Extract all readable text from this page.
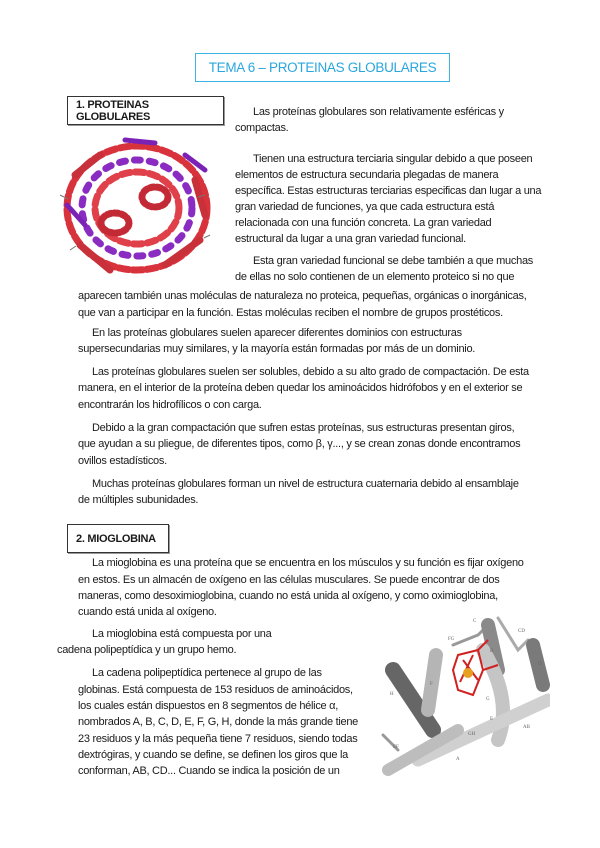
TEMA 6 – PROTEINAS GLOBULARES
1. PROTEINAS GLOBULARES
C
CD
D
FG
F
B
H
G
E
AB
GH
EF
A
Las proteínas globulares son relativamente esféricas y
compactas.
Tienen una estructura terciaria singular debido a que poseen
elementos de estructura secundaria plegadas de manera
específica. Estas estructuras terciarias especificas dan lugar a una
gran variedad de funciones, ya que cada estructura está
relacionada con una función concreta. La gran variedad
estructural da lugar a una gran variedad funcional.
Esta gran variedad funcional se debe también a que muchas
de ellas no solo contienen de un elemento proteico si no que
aparecen también unas moléculas de naturaleza no proteica, pequeñas, orgánicas o inorgánicas,
que van a participar en la función. Estas moléculas reciben el nombre de grupos prostéticos.
En las proteínas globulares suelen aparecer diferentes dominios con estructuras
supersecundarias muy similares, y la mayoría están formadas por más de un dominio.
Las proteínas globulares suelen ser solubles, debido a su alto grado de compactación. De esta
manera, en el interior de la proteína deben quedar los aminoácidos hidrófobos y en el exterior se
encontrarán los hidrofílicos o con carga.
Debido a la gran compactación que sufren estas proteínas, sus estructuras presentan giros,
que ayudan a su pliegue, de diferentes tipos, como β, γ..., y se crean zonas donde encontramos
ovillos estadísticos.
Muchas proteínas globulares forman un nivel de estructura cuaternaria debido al ensamblaje
de múltiples subunidades.
2. MIOGLOBINA
La mioglobina es una proteína que se encuentra en los músculos y su función es fijar oxígeno
en estos. Es un almacén de oxígeno en las células musculares. Se puede encontrar de dos
maneras, como desoximioglobina, cuando no está unida al oxígeno, y como oximioglobina,
cuando está unida al oxígeno.
La mioglobina está compuesta por una
cadena polipeptídica y un grupo hemo.
La cadena polipeptídica pertenece al grupo de las
globinas. Está compuesta de 153 residuos de aminoácidos,
los cuales están dispuestos en 8 segmentos de hélice α,
nombrados A, B, C, D, E, F, G, H, donde la más grande tiene
23 residuos y la más pequeña tiene 7 residuos, siendo todas
dextrógiras, y cuando se define, se definen los giros que la
conforman, AB, CD... Cuando se indica la posición de un
